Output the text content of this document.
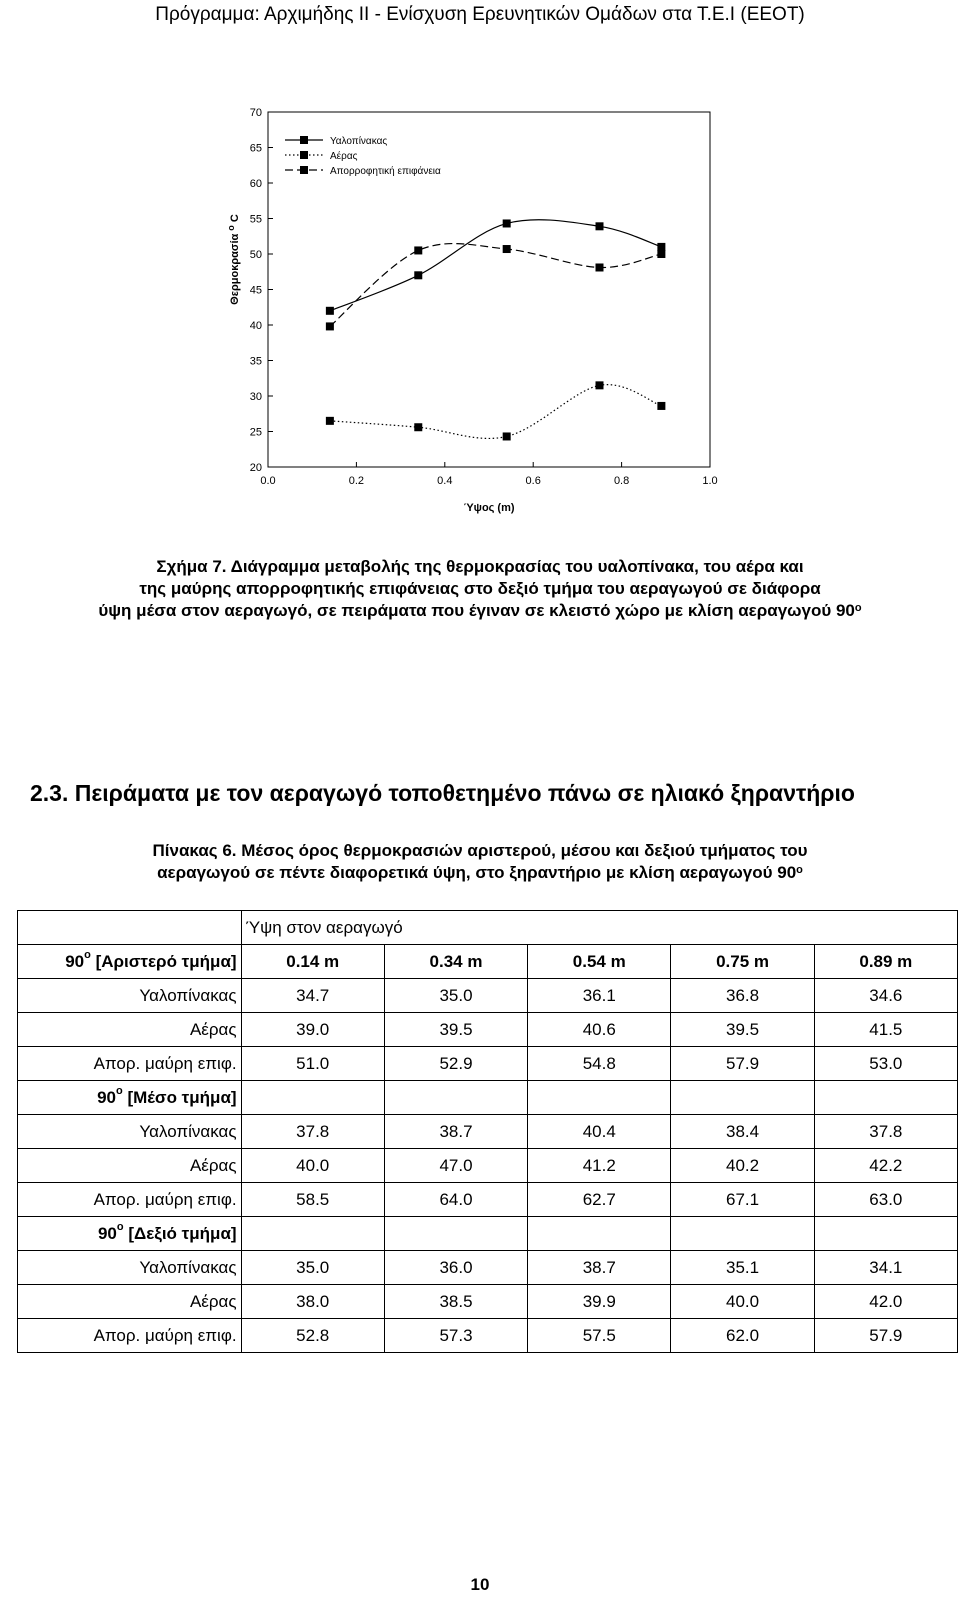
Πρόγραμμα: Αρχιμήδης ΙΙ - Ενίσχυση Ερευνητικών Ομάδων στα Τ.Ε.Ι (ΕΕΟΤ)
20
25
30
35
40
45
50
55
60
65
70
0.0	0.2	0.4	0.6	0.8	1.0
Ύψος (m)
Θερμοκρασία $^o$ C
Υαλοπίνακας
Αέρας
Απορροφητική επιφάνεια
Σχήμα 7. Διάγραμμα μεταβολής της θερμοκρασίας του υαλοπίνακα, του αέρα και
της μαύρης απορροφητικής επιφάνειας στο δεξιό τμήμα του αεραγωγού σε διάφορα
ύψη μέσα στον αεραγωγό, σε πειράματα που έγιναν σε κλειστό χώρο με κλίση αεραγωγού $90^o$
2.3. Πειράματα με τον αεραγωγό τοποθετημένο πάνω σε ηλιακό ξηραντήριο
Πίνακας 6. Μέσος όρος θερμοκρασιών αριστερού, μέσου και δεξιού τμήματος του
αεραγωγού σε πέντε διαφορετικά ύψη, στο ξηραντήριο με κλίση αεραγωγού $90^o$
	Ύψη στον αεραγωγό				
$90^o$ [Αριστερό τμήμα]	0.14 m	0.34 m	0.54 m	0.75 m	0.89 m
Υαλοπίνακας	34.7	35.0	36.1	36.8	34.6
Αέρας	39.0	39.5	40.6	39.5	41.5
Απορ. μαύρη επιφ.	51.0	52.9	54.8	57.9	53.0
$90^o$ [Μέσο τμήμα]					
Υαλοπίνακας	37.8	38.7	40.4	38.4	37.8
Αέρας	40.0	47.0	41.2	40.2	42.2
Απορ. μαύρη επιφ.	58.5	64.0	62.7	67.1	63.0
$90^o$ [Δεξιό τμήμα]					
Υαλοπίνακας	35.0	36.0	38.7	35.1	34.1
Αέρας	38.0	38.5	39.9	40.0	42.0
Απορ. μαύρη επιφ.	52.8	57.3	57.5	62.0	57.9
10
